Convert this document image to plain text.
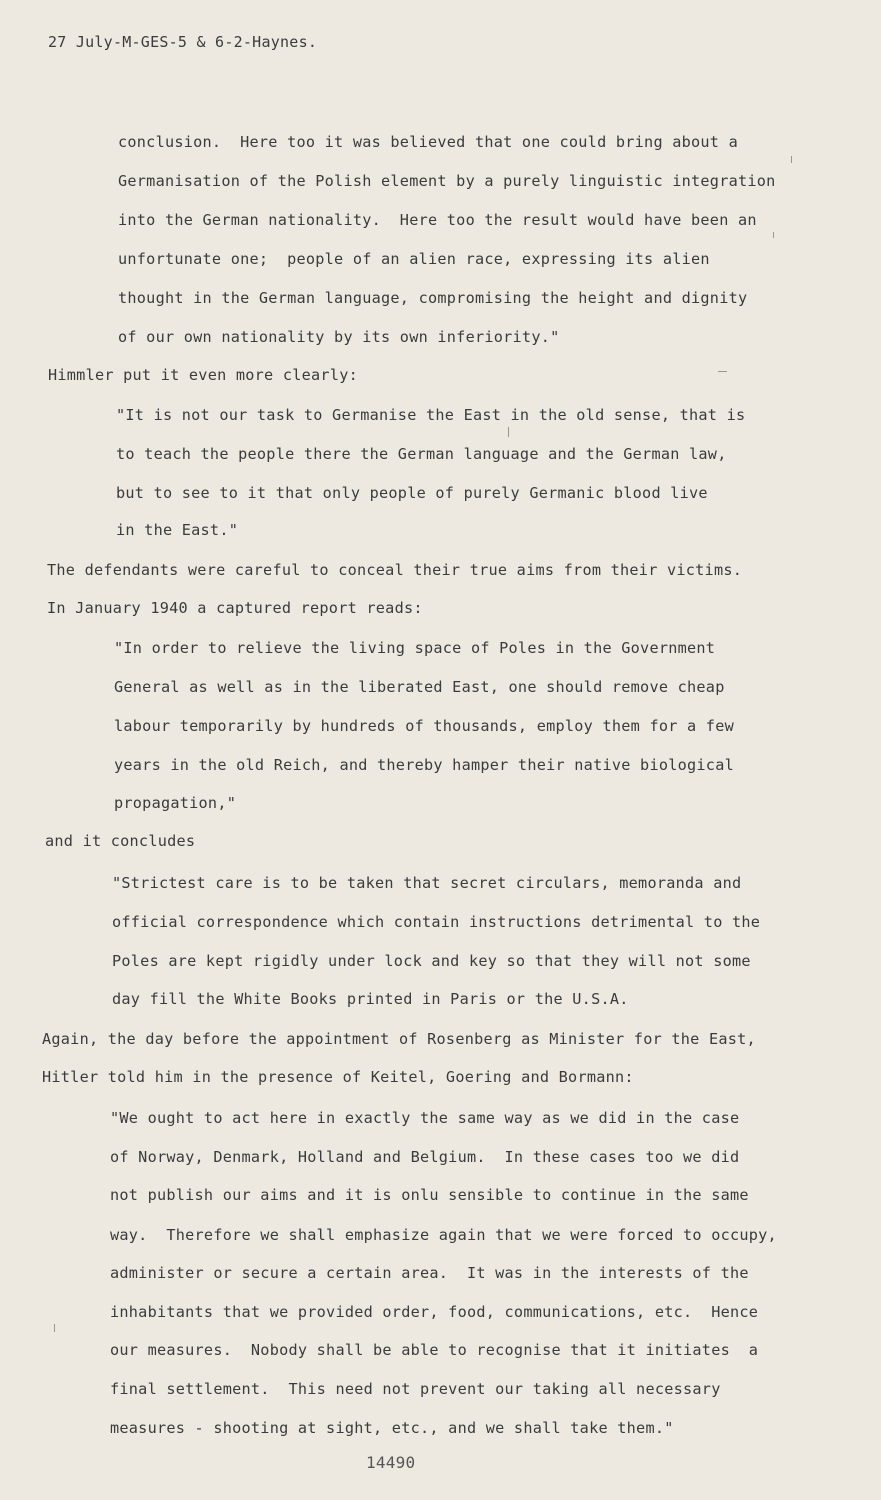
27 July-M-GES-5 & 6-2-Haynes.
conclusion.  Here too it was believed that one could bring about a
Germanisation of the Polish element by a purely linguistic integration
into the German nationality.  Here too the result would have been an
unfortunate one;  people of an alien race, expressing its alien
thought in the German language, compromising the height and dignity
of our own nationality by its own inferiority."
Himmler put it even more clearly:
"It is not our task to Germanise the East in the old sense, that is
to teach the people there the German language and the German law,
but to see to it that only people of purely Germanic blood live
in the East."
The defendants were careful to conceal their true aims from their victims.
In January 1940 a captured report reads:
"In order to relieve the living space of Poles in the Government
General as well as in the liberated East, one should remove cheap
labour temporarily by hundreds of thousands, employ them for a few
years in the old Reich, and thereby hamper their native biological
propagation,"
and it concludes
"Strictest care is to be taken that secret circulars, memoranda and
official correspondence which contain instructions detrimental to the
Poles are kept rigidly under lock and key so that they will not some
day fill the White Books printed in Paris or the U.S.A.
Again, the day before the appointment of Rosenberg as Minister for the East,
Hitler told him in the presence of Keitel, Goering and Bormann:
"We ought to act here in exactly the same way as we did in the case
of Norway, Denmark, Holland and Belgium.  In these cases too we did
not publish our aims and it is onlu sensible to continue in the same
way.  Therefore we shall emphasize again that we were forced to occupy,
administer or secure a certain area.  It was in the interests of the
inhabitants that we provided order, food, communications, etc.  Hence
our measures.  Nobody shall be able to recognise that it initiates  a
final settlement.  This need not prevent our taking all necessary
measures - shooting at sight, etc., and we shall take them."
14490
